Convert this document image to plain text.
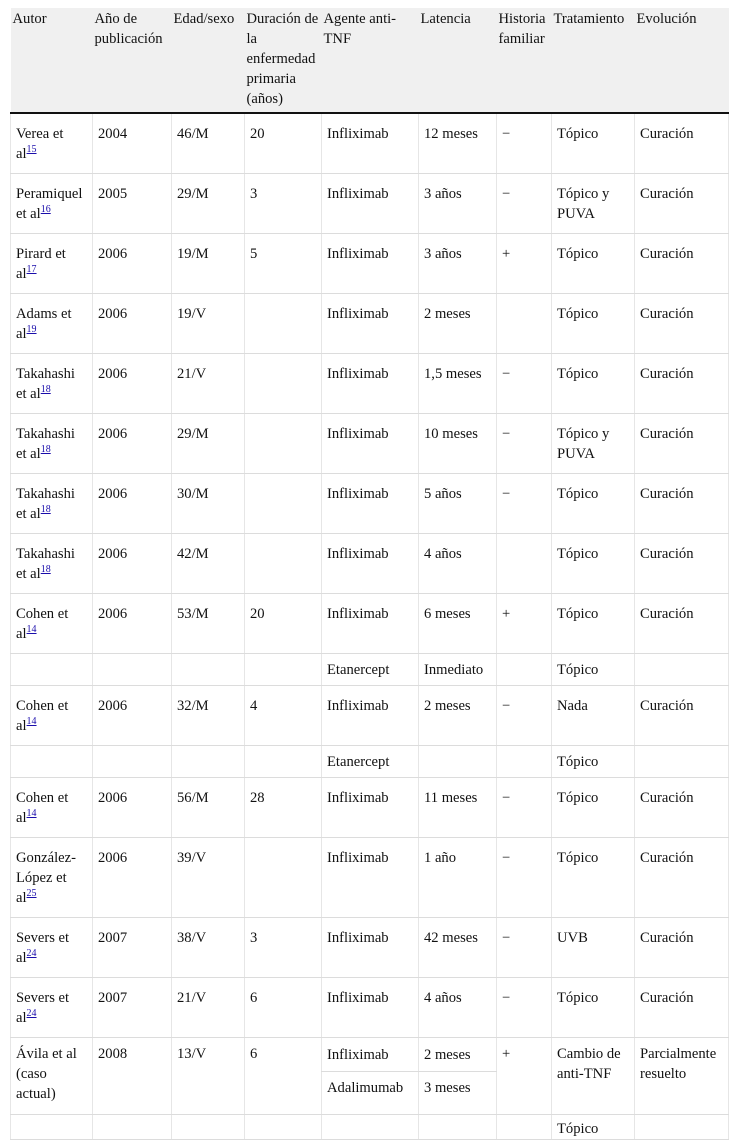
Autor	Año de publicación	Edad/sexo	Duración de la enfermedad primaria (años)	Agente anti-TNF	Latencia	Historia familiar	Tratamiento	Evolución
Verea et al$^{15}$	2004	46/M	20	Infliximab	12 meses	−	Tópico	Curación
Peramiquel et al$^{16}$	2005	29/M	3	Infliximab	3 años	−	Tópico y PUVA	Curación
Pirard et al$^{17}$	2006	19/M	5	Infliximab	3 años	+	Tópico	Curación
Adams et al$^{19}$	2006	19/V		Infliximab	2 meses		Tópico	Curación
Takahashi et al$^{18}$	2006	21/V		Infliximab	1,5 meses	−	Tópico	Curación
Takahashi et al$^{18}$	2006	29/M		Infliximab	10 meses	−	Tópico y PUVA	Curación
Takahashi et al$^{18}$	2006	30/M		Infliximab	5 años	−	Tópico	Curación
Takahashi et al$^{18}$	2006	42/M		Infliximab	4 años		Tópico	Curación
Cohen et al$^{14}$	2006	53/M	20	Infliximab	6 meses	+	Tópico	Curación
				Etanercept	Inmediato		Tópico	
Cohen et al$^{14}$	2006	32/M	4	Infliximab	2 meses	−	Nada	Curación
				Etanercept			Tópico	
Cohen et al$^{14}$	2006	56/M	28	Infliximab	11 meses	−	Tópico	Curación
González-López et al$^{25}$	2006	39/V		Infliximab	1 año	−	Tópico	Curación
Severs et al$^{24}$	2007	38/V	3	Infliximab	42 meses	−	UVB	Curación
Severs et al$^{24}$	2007	21/V	6	Infliximab	4 años	−	Tópico	Curación
Ávila et al (caso actual)	2008	13/V	6	Infliximab	2 meses	+	Cambio de anti-TNF	Parcialmente resuelto
				Adalimumab	3 meses			
							Tópico	
